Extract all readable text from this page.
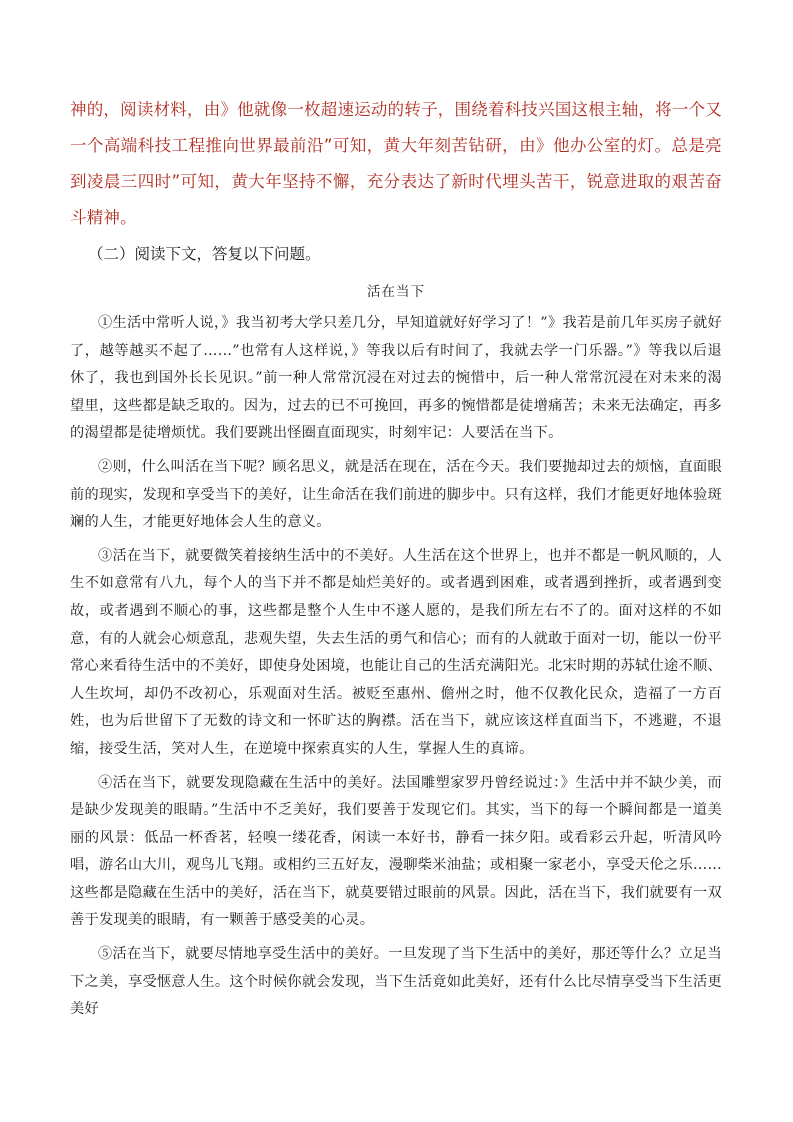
神的，阅读材料，由》他就像一枚超速运动的转子，围绕着科技兴国这根主轴，将一个又一个高端科技工程推向世界最前沿”可知，黄大年刻苦钻研，由》他办公室的灯。总是亮到凌晨三四时”可知，黄大年坚持不懈，充分表达了新时代埋头苦干，锐意进取的艰苦奋斗精神。

（二）阅读下文，答复以下问题。

活在当下

①生活中常听人说，》我当初考大学只差几分，早知道就好好学习了！”》我若是前几年买房子就好了，越等越买不起了……”也常有人这样说，》等我以后有时间了，我就去学一门乐器。”》等我以后退休了，我也到国外长长见识。”前一种人常常沉浸在对过去的惋惜中，后一种人常常沉浸在对未来的渴望里，这些都是缺乏取的。因为，过去的已不可挽回，再多的惋惜都是徒增痛苦；未来无法确定，再多的渴望都是徒增烦忧。我们要跳出怪圈直面现实，时刻牢记：人要活在当下。

②则，什么叫活在当下呢？顾名思义，就是活在现在，活在今天。我们要抛却过去的烦恼，直面眼前的现实，发现和享受当下的美好，让生命活在我们前进的脚步中。只有这样，我们才能更好地体验斑斓的人生，才能更好地体会人生的意义。

③活在当下，就要微笑着接纳生活中的不美好。人生活在这个世界上，也并不都是一帆风顺的，人生不如意常有八九，每个人的当下并不都是灿烂美好的。或者遇到困难，或者遇到挫折，或者遇到变故，或者遇到不顺心的事，这些都是整个人生中不遂人愿的，是我们所左右不了的。面对这样的不如意，有的人就会心烦意乱，悲观失望，失去生活的勇气和信心；而有的人就敢于面对一切，能以一份平常心来看待生活中的不美好，即使身处困境，也能让自己的生活充满阳光。北宋时期的苏轼仕途不顺、人生坎坷，却仍不改初心，乐观面对生活。被贬至惠州、儋州之时，他不仅教化民众，造福了一方百姓，也为后世留下了无数的诗文和一怀旷达的胸襟。活在当下，就应该这样直面当下，不逃避，不退缩，接受生活，笑对人生，在逆境中探索真实的人生，掌握人生的真谛。

④活在当下，就要发现隐藏在生活中的美好。法国雕塑家罗丹曾经说过：》生活中并不缺少美，而是缺少发现美的眼睛。”生活中不乏美好，我们要善于发现它们。其实，当下的每一个瞬间都是一道美丽的风景：低品一杯香茗，轻嗅一缕花香，闲读一本好书，静看一抹夕阳。或看彩云升起，听清风吟唱，游名山大川，观鸟儿飞翔。或相约三五好友，漫聊柴米油盐；或相聚一家老小，享受天伦之乐……这些都是隐藏在生活中的美好，活在当下，就莫要错过眼前的风景。因此，活在当下，我们就要有一双善于发现美的眼睛，有一颗善于感受美的心灵。

⑤活在当下，就要尽情地享受生活中的美好。一旦发现了当下生活中的美好，那还等什么？立足当下之美，享受惬意人生。这个时候你就会发现，当下生活竟如此美好，还有什么比尽情享受当下生活更美好
